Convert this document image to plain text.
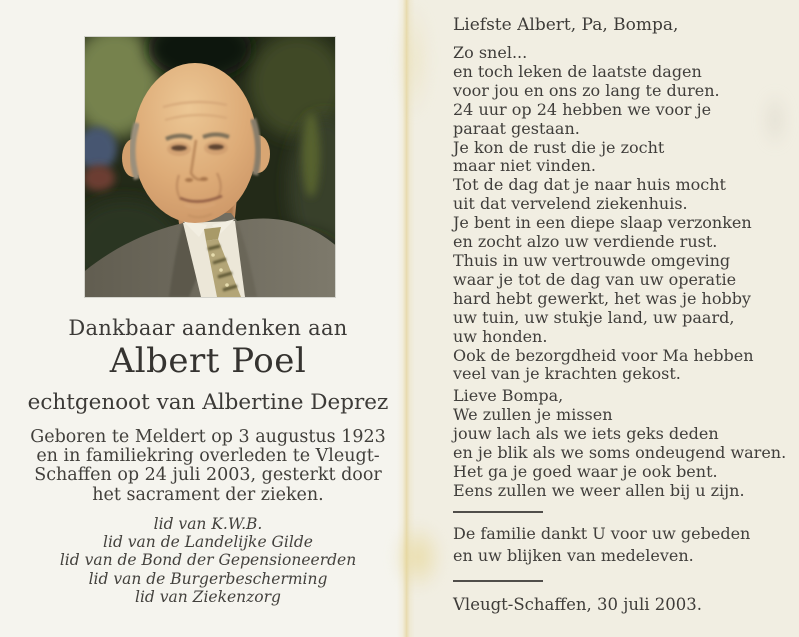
Dankbaar aandenken aan
Albert Poel
echtgenoot van Albertine Deprez
Geboren te Meldert op 3 augustus 1923
en in familiekring overleden te Vleugt-
Schaffen op 24 juli 2003, gesterkt door
het sacrament der zieken.
lid van K.W.B.
lid van de Landelijke Gilde
lid van de Bond der Gepensioneerden
lid van de Burgerbescherming
lid van Ziekenzorg
Liefste Albert, Pa, Bompa,
Zo snel...
en toch leken de laatste dagen
voor jou en ons zo lang te duren.
24 uur op 24 hebben we voor je
paraat gestaan.
Je kon de rust die je zocht
maar niet vinden.
Tot de dag dat je naar huis mocht
uit dat vervelend ziekenhuis.
Je bent in een diepe slaap verzonken
en zocht alzo uw verdiende rust.
Thuis in uw vertrouwde omgeving
waar je tot de dag van uw operatie
hard hebt gewerkt, het was je hobby
uw tuin, uw stukje land, uw paard,
uw honden.
Ook de bezorgdheid voor Ma hebben
veel van je krachten gekost.
Lieve Bompa,
We zullen je missen
jouw lach als we iets geks deden
en je blik als we soms ondeugend waren.
Het ga je goed waar je ook bent.
Eens zullen we weer allen bij u zijn.
De familie dankt U voor uw gebeden
en uw blijken van medeleven.
Vleugt-Schaffen, 30 juli 2003.
